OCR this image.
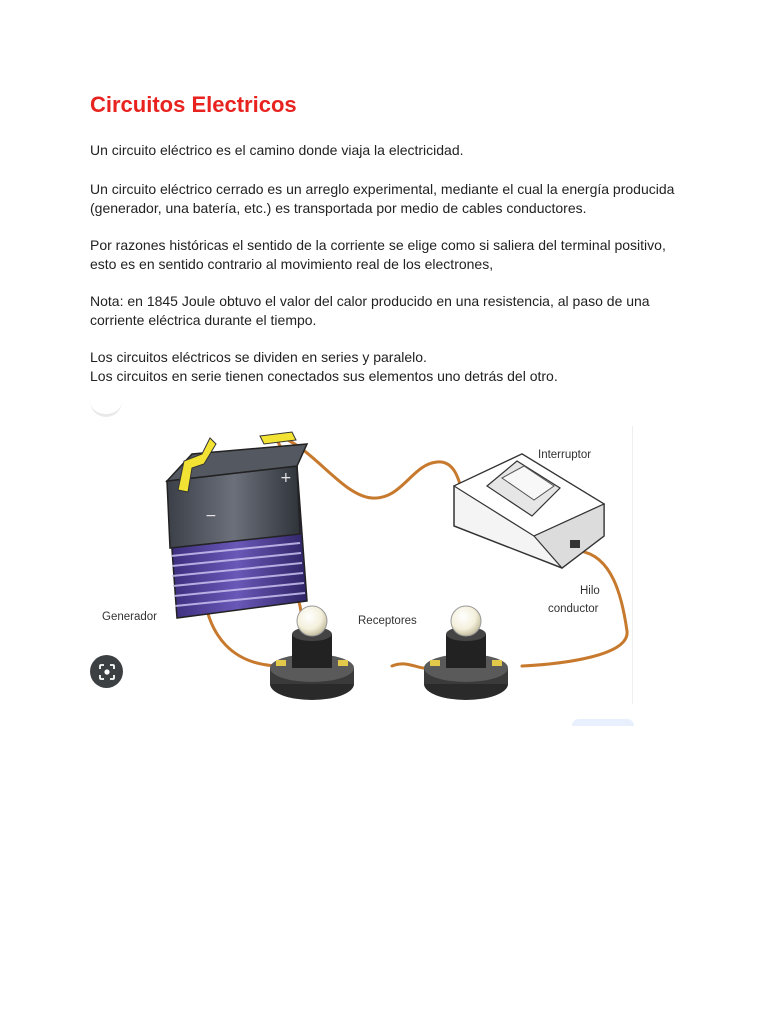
Circuitos Electricos

Un circuito eléctrico es el camino donde viaja la electricidad.

Un circuito eléctrico cerrado es un arreglo experimental, mediante el cual la energía producida
(generador, una batería, etc.) es transportada por medio de cables conductores.

Por razones históricas el sentido de la corriente se elige como si saliera del terminal positivo,
esto es en sentido contrario al movimiento real de los electrones,

Nota: en 1845 Joule obtuvo el valor del calor producido en una resistencia, al paso de una
corriente eléctrica durante el tiempo.

Los circuitos eléctricos se dividen en series y paralelo.
Los circuitos en serie tienen conectados sus elementos uno detrás del otro.

+
−
Interruptor
Generador	Receptores
Hilo
conductor
